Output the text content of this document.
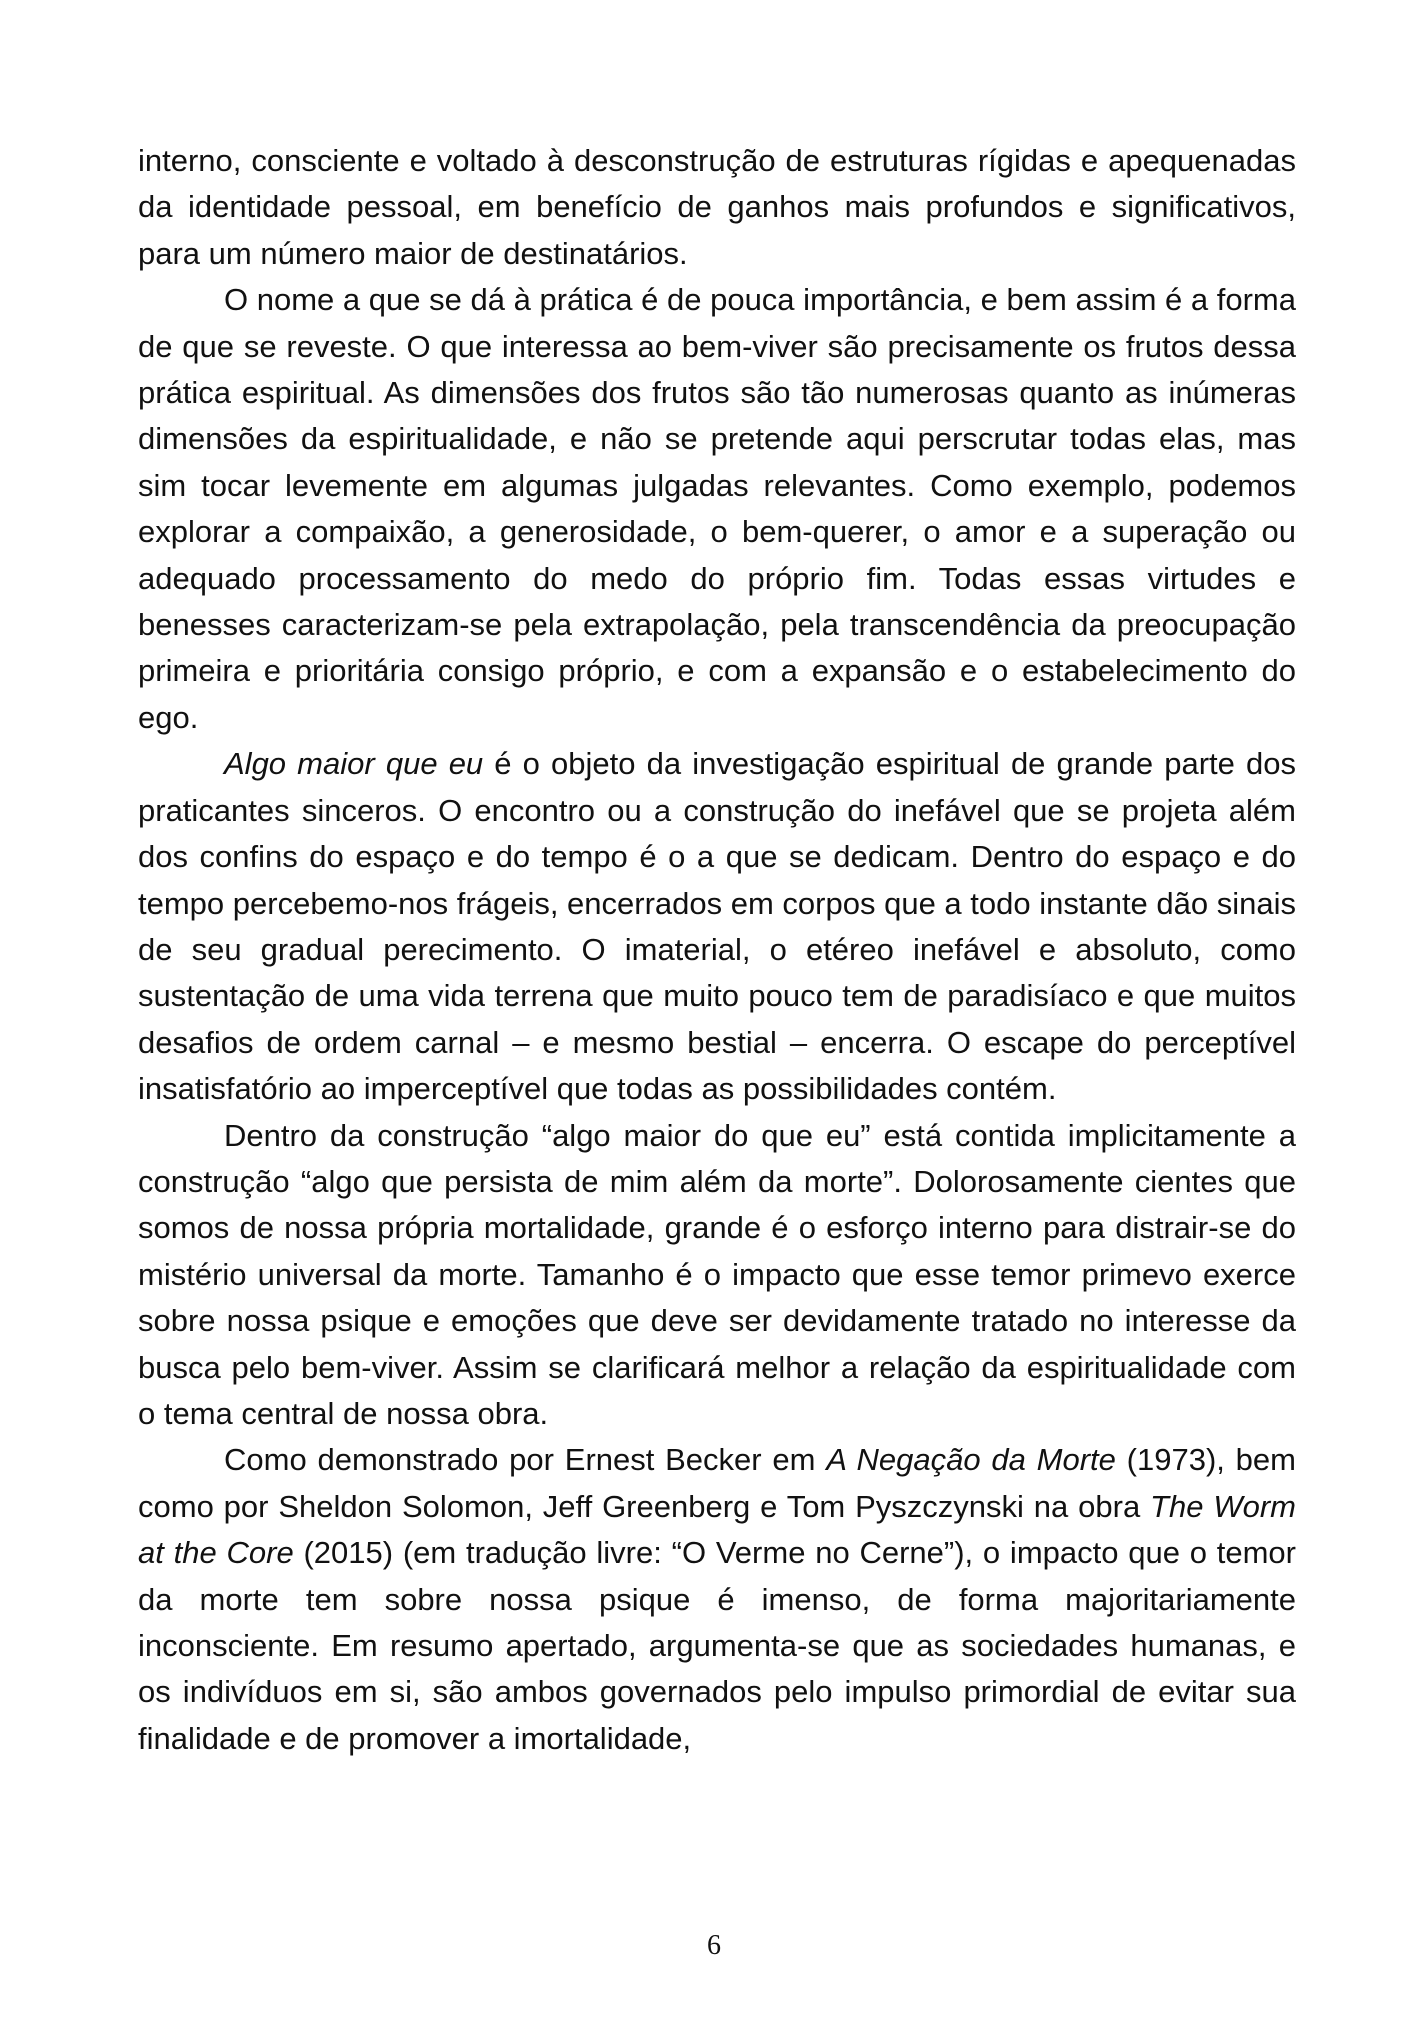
interno, consciente e voltado à desconstrução de estruturas rígidas e apequenadas da identidade pessoal, em benefício de ganhos mais profundos e significativos, para um número maior de destinatários.

O nome a que se dá à prática é de pouca importância, e bem assim é a forma de que se reveste. O que interessa ao bem-viver são precisamente os frutos dessa prática espiritual. As dimensões dos frutos são tão numerosas quanto as inúmeras dimensões da espiritualidade, e não se pretende aqui perscrutar todas elas, mas sim tocar levemente em algumas julgadas relevantes. Como exemplo, podemos explorar a compaixão, a generosidade, o bem-querer, o amor e a superação ou adequado processamento do medo do próprio fim. Todas essas virtudes e benesses caracterizam-se pela extrapolação, pela transcendência da preocupação primeira e prioritária consigo próprio, e com a expansão e o estabelecimento do ego.

Algo maior que eu é o objeto da investigação espiritual de grande parte dos praticantes sinceros. O encontro ou a construção do inefável que se projeta além dos confins do espaço e do tempo é o a que se dedicam. Dentro do espaço e do tempo percebemo-nos frágeis, encerrados em corpos que a todo instante dão sinais de seu gradual perecimento. O imaterial, o etéreo inefável e absoluto, como sustentação de uma vida terrena que muito pouco tem de paradisíaco e que muitos desafios de ordem carnal – e mesmo bestial – encerra. O escape do perceptível insatisfatório ao imperceptível que todas as possibilidades contém.

Dentro da construção “algo maior do que eu” está contida implicitamente a construção “algo que persista de mim além da morte”. Dolorosamente cientes que somos de nossa própria mortalidade, grande é o esforço interno para distrair-se do mistério universal da morte. Tamanho é o impacto que esse temor primevo exerce sobre nossa psique e emoções que deve ser devidamente tratado no interesse da busca pelo bem-viver. Assim se clarificará melhor a relação da espiritualidade com o tema central de nossa obra.

Como demonstrado por Ernest Becker em A Negação da Morte (1973), bem como por Sheldon Solomon, Jeff Greenberg e Tom Pyszczynski na obra The Worm at the Core (2015) (em tradução livre: “O Verme no Cerne”), o impacto que o temor da morte tem sobre nossa psique é imenso, de forma majoritariamente inconsciente. Em resumo apertado, argumenta-se que as sociedades humanas, e os indivíduos em si, são ambos governados pelo impulso primordial de evitar sua finalidade e de promover a imortalidade,

6
